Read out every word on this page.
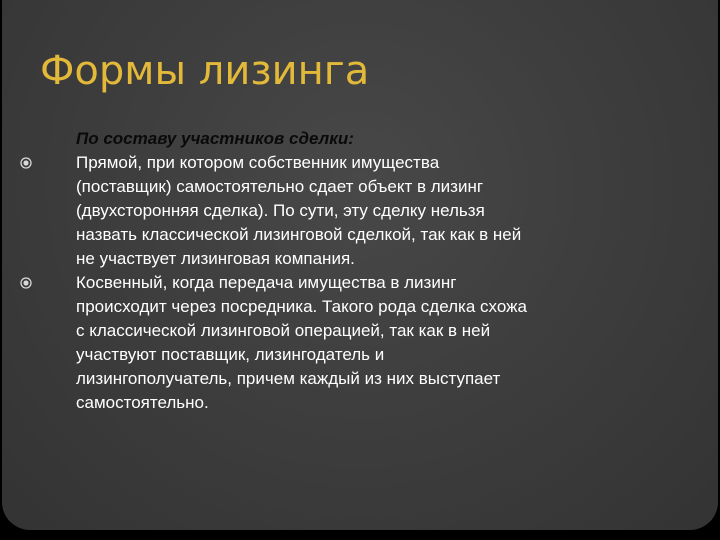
Формы лизинга

По составу участников сделки:

Прямой, при котором собственник имущества
(поставщик) самостоятельно сдает объект в лизинг
(двухсторонняя сделка). По сути, эту сделку нельзя
назвать классической лизинговой сделкой, так как в ней
не участвует лизинговая компания.
Косвенный, когда передача имущества в лизинг
происходит через посредника. Такого рода сделка схожа
с классической лизинговой операцией, так как в ней
участвуют поставщик, лизингодатель и
лизингополучатель, причем каждый из них выступает
самостоятельно.
